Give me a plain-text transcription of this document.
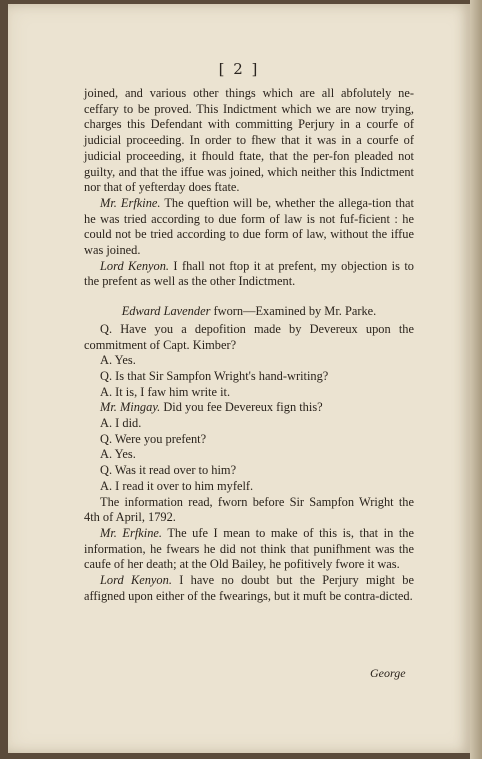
[ 2 ]

joined, and various other things which are all abfolutely ne-ceffary to be proved. This Indictment which we are now trying, charges this Defendant with committing Perjury in a courfe of judicial proceeding. In order to fhew that it was in a courfe of judicial proceeding, it fhould ftate, that the per-fon pleaded not guilty, and that the iffue was joined, which neither this Indictment nor that of yefterday does ftate.

Mr. Erfkine. The queftion will be, whether the allega-tion that he was tried according to due form of law is not fuf-ficient : he could not be tried according to due form of law, without the iffue was joined.

Lord Kenyon. I fhall not ftop it at prefent, my objection is to the prefent as well as the other Indictment.

Edward Lavender fworn—Examined by Mr. Parke.

Q. Have you a depofition made by Devereux upon the commitment of Capt. Kimber?

A. Yes.

Q. Is that Sir Sampfon Wright's hand-writing?

A. It is, I faw him write it.

Mr. Mingay. Did you fee Devereux fign this?

A. I did.

Q. Were you prefent?

A. Yes.

Q. Was it read over to him?

A. I read it over to him myfelf.

The information read, fworn before Sir Sampfon Wright the 4th of April, 1792.

Mr. Erfkine. The ufe I mean to make of this is, that in the information, he fwears he did not think that punifhment was the caufe of her death; at the Old Bailey, he pofitively fwore it was.

Lord Kenyon. I have no doubt but the Perjury might be affigned upon either of the fwearings, but it muft be contra-dicted.

George
